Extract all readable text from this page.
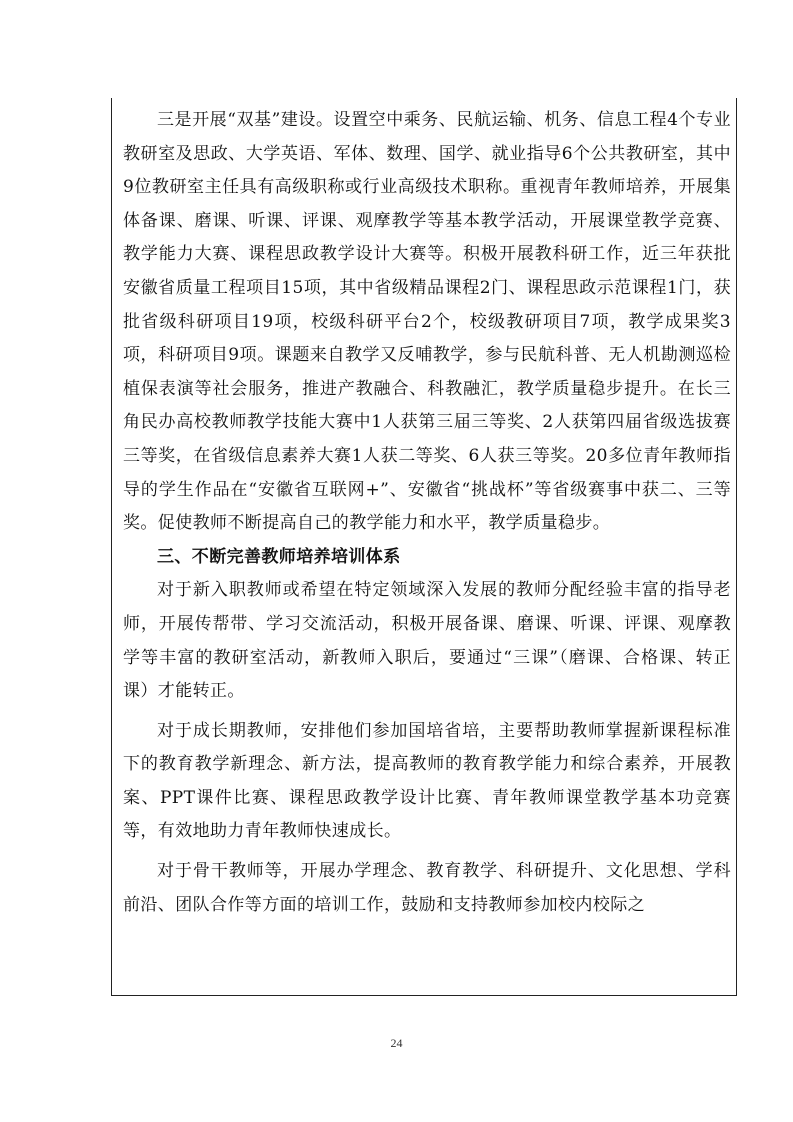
三是开展“双基”建设。设置空中乘务、民航运输、机务、信息工程4个专业教研室及思政、大学英语、军体、数理、国学、就业指导6个公共教研室，其中9位教研室主任具有高级职称或行业高级技术职称。重视青年教师培养，开展集体备课、磨课、听课、评课、观摩教学等基本教学活动，开展课堂教学竞赛、教学能力大赛、课程思政教学设计大赛等。积极开展教科研工作，近三年获批安徽省质量工程项目15项，其中省级精品课程2门、课程思政示范课程1门，获批省级科研项目19项，校级科研平台2个，校级教研项目7项，教学成果奖3项，科研项目9项。课题来自教学又反哺教学，参与民航科普、无人机勘测巡检植保表演等社会服务，推进产教融合、科教融汇，教学质量稳步提升。在长三角民办高校教师教学技能大赛中1人获第三届三等奖、2人获第四届省级选拔赛三等奖，在省级信息素养大赛1人获二等奖、6人获三等奖。20多位青年教师指导的学生作品在“安徽省互联网+”、安徽省“挑战杯”等省级赛事中获二、三等奖。促使教师不断提高自己的教学能力和水平，教学质量稳步。

三、不断完善教师培养培训体系

对于新入职教师或希望在特定领域深入发展的教师分配经验丰富的指导老师，开展传帮带、学习交流活动，积极开展备课、磨课、听课、评课、观摩教学等丰富的教研室活动，新教师入职后，要通过“三课”（磨课、合格课、转正课）才能转正。

对于成长期教师，安排他们参加国培省培，主要帮助教师掌握新课程标准下的教育教学新理念、新方法，提高教师的教育教学能力和综合素养，开展教案、PPT课件比赛、课程思政教学设计比赛、青年教师课堂教学基本功竞赛等，有效地助力青年教师快速成长。

对于骨干教师等，开展办学理念、教育教学、科研提升、文化思想、学科前沿、团队合作等方面的培训工作，鼓励和支持教师参加校内校际之

24
